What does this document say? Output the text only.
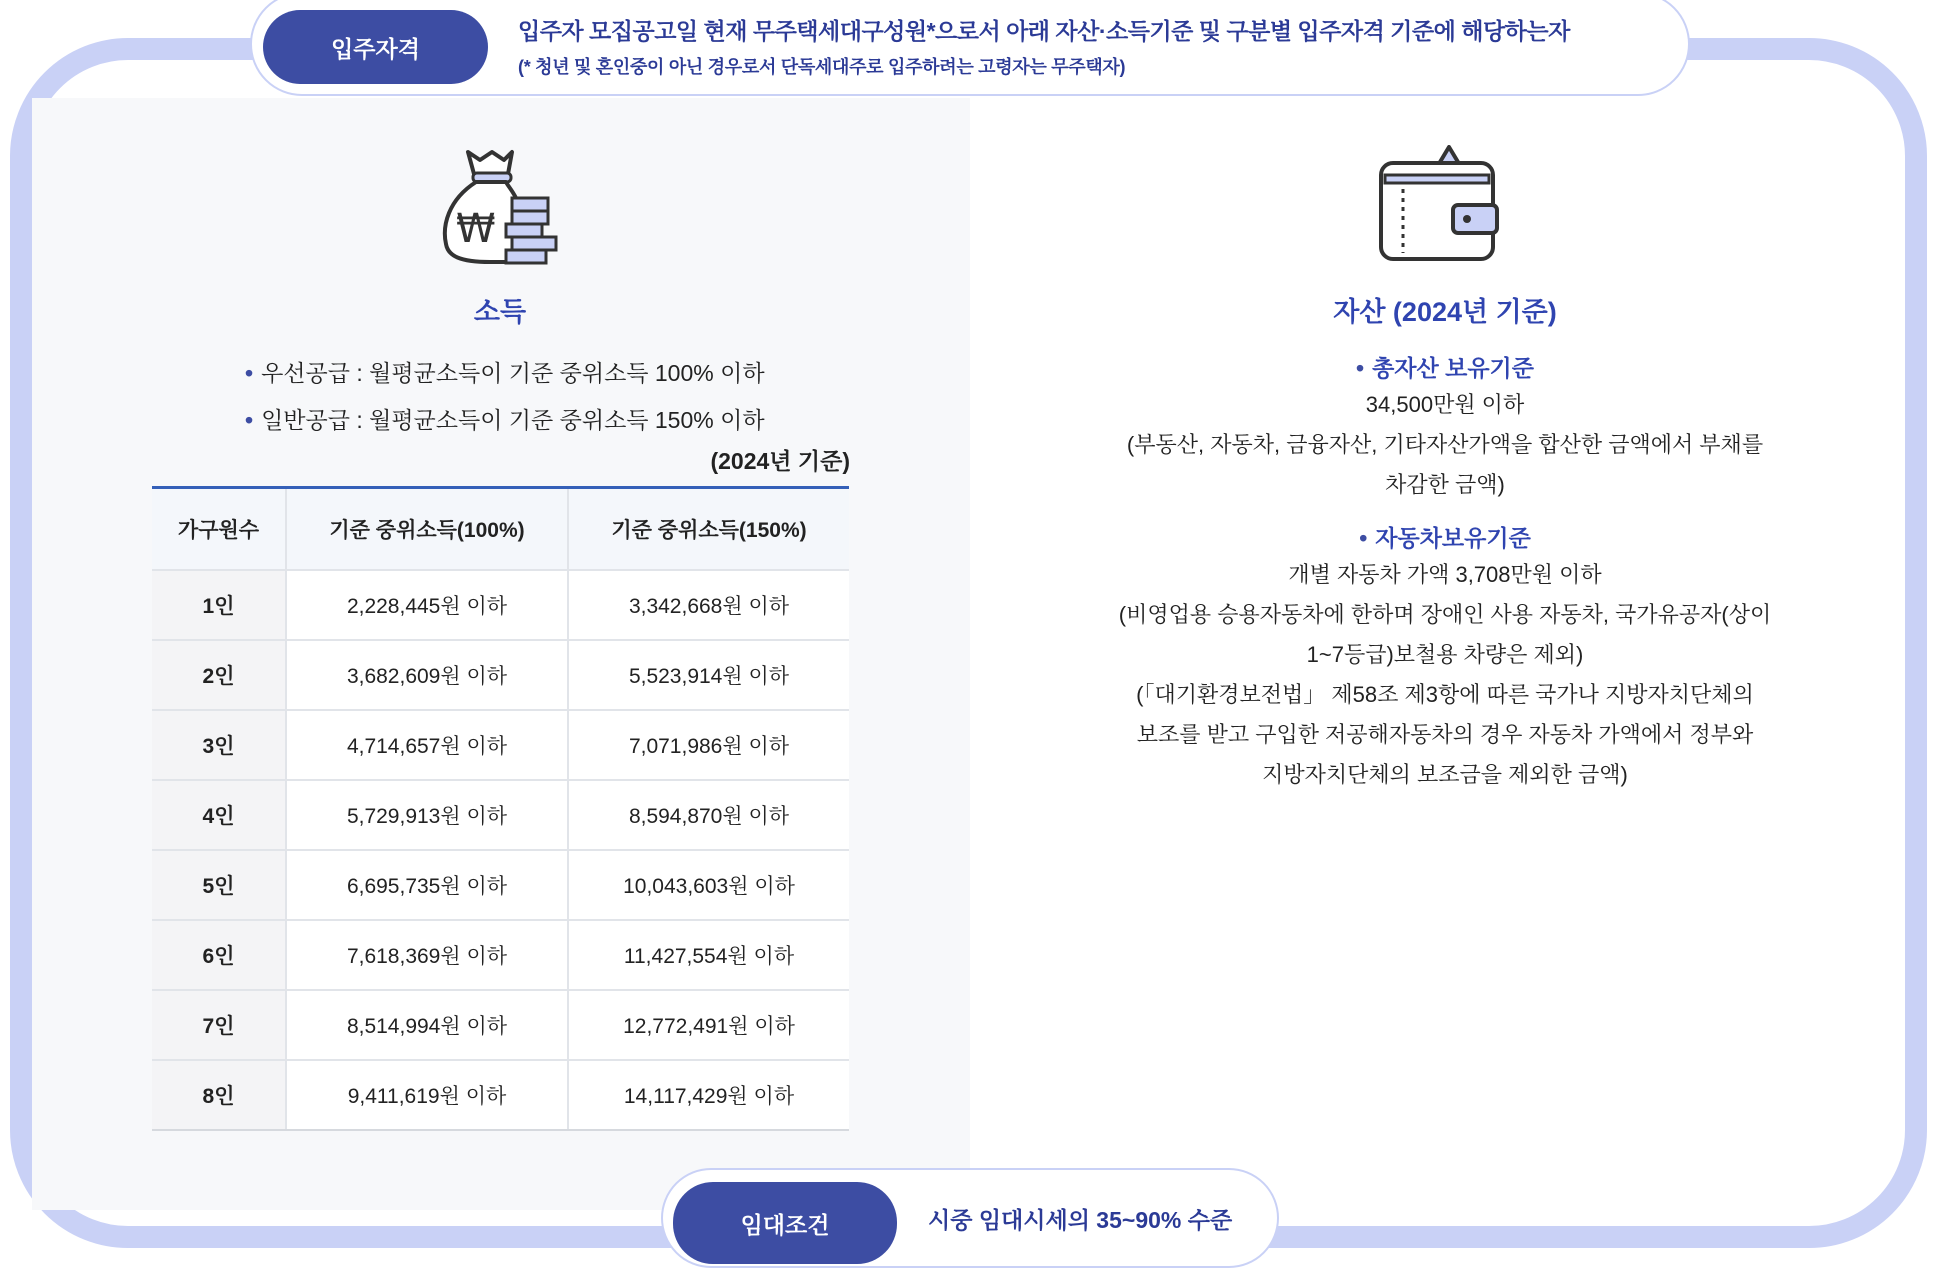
입주자격
입주자 모집공고일 현재 무주택세대구성원*으로서 아래 자산·소득기준 및 구분별 입주자격 기준에 해당하는자
(* 청년 및 혼인중이 아닌 경우로서 단독세대주로 입주하려는 고령자는 무주택자)
₩
소득
• 우선공급 : 월평균소득이 기준 중위소득 100% 이하
• 일반공급 : 월평균소득이 기준 중위소득 150% 이하
(2024년 기준)
가구원수	기준 중위소득(100%)	기준 중위소득(150%)
1인	2,228,445원 이하	3,342,668원 이하
2인	3,682,609원 이하	5,523,914원 이하
3인	4,714,657원 이하	7,071,986원 이하
4인	5,729,913원 이하	8,594,870원 이하
5인	6,695,735원 이하	10,043,603원 이하
6인	7,618,369원 이하	11,427,554원 이하
7인	8,514,994원 이하	12,772,491원 이하
8인	9,411,619원 이하	14,117,429원 이하
자산 (2024년 기준)
• 총자산 보유기준
34,500만원 이하
(부동산, 자동차, 금융자산, 기타자산가액을 합산한 금액에서 부채를
차감한 금액)
• 자동차보유기준
개별 자동차 가액 3,708만원 이하
(비영업용 승용자동차에 한하며 장애인 사용 자동차, 국가유공자(상이
1~7등급)보철용 차량은 제외)
(「대기환경보전법」 제58조 제3항에 따른 국가나 지방자치단체의
보조를 받고 구입한 저공해자동차의 경우 자동차 가액에서 정부와
지방자치단체의 보조금을 제외한 금액)
임대조건	시중 임대시세의 35~90% 수준
